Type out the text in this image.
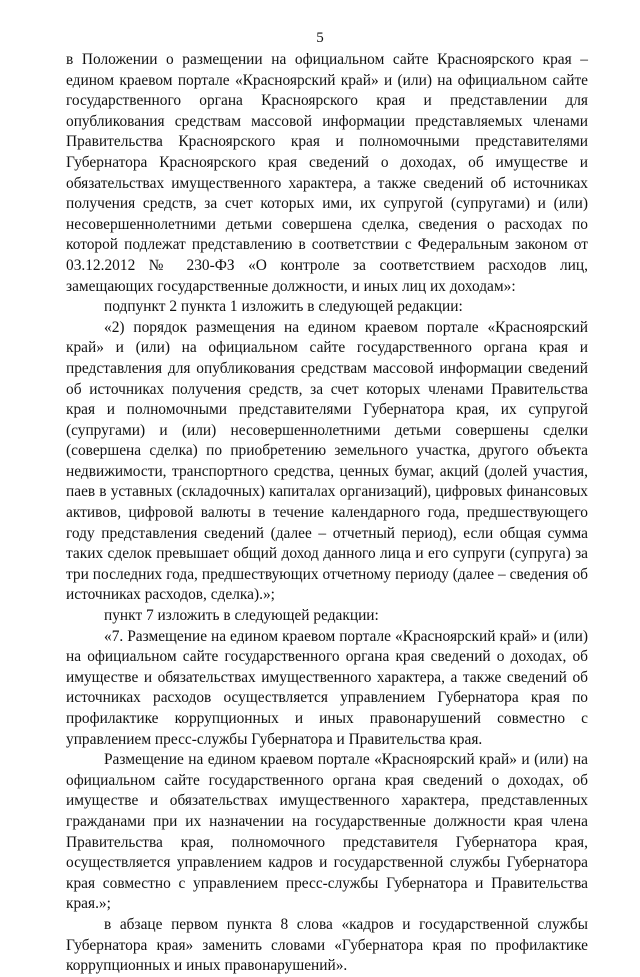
5

в Положении о размещении на официальном сайте Красноярского края – едином краевом портале «Красноярский край» и (или) на официальном сайте государственного органа Красноярского края и представлении для опубликования средствам массовой информации представляемых членами Правительства Красноярского края и полномочными представителями Губернатора Красноярского края сведений о доходах, об имуществе и обязательствах имущественного характера, а также сведений об источниках получения средств, за счет которых ими, их супругой (супругами) и (или) несовершеннолетними детьми совершена сделка, сведения о расходах по которой подлежат представлению в соответствии с Федеральным законом от 03.12.2012 № 230-ФЗ «О контроле за соответствием расходов лиц, замещающих государственные должности, и иных лиц их доходам»:

подпункт 2 пункта 1 изложить в следующей редакции:

«2) порядок размещения на едином краевом портале «Красноярский край» и (или) на официальном сайте государственного органа края и представления для опубликования средствам массовой информации сведений об источниках получения средств, за счет которых членами Правительства края и полномочными представителями Губернатора края, их супругой (супругами) и (или) несовершеннолетними детьми совершены сделки (совершена сделка) по приобретению земельного участка, другого объекта недвижимости, транспортного средства, ценных бумаг, акций (долей участия, паев в уставных (складочных) капиталах организаций), цифровых финансовых активов, цифровой валюты в течение календарного года, предшествующего году представления сведений (далее – отчетный период), если общая сумма таких сделок превышает общий доход данного лица и его супруги (супруга) за три последних года, предшествующих отчетному периоду (далее – сведения об источниках расходов, сделка).»;

пункт 7 изложить в следующей редакции:

«7. Размещение на едином краевом портале «Красноярский край» и (или) на официальном сайте государственного органа края сведений о доходах, об имуществе и обязательствах имущественного характера, а также сведений об источниках расходов осуществляется управлением Губернатора края по профилактике коррупционных и иных правонарушений совместно с управлением пресс-службы Губернатора и Правительства края.

Размещение на едином краевом портале «Красноярский край» и (или) на официальном сайте государственного органа края сведений о доходах, об имуществе и обязательствах имущественного характера, представленных гражданами при их назначении на государственные должности края члена Правительства края, полномочного представителя Губернатора края, осуществляется управлением кадров и государственной службы Губернатора края совместно с управлением пресс-службы Губернатора и Правительства края.»;

в абзаце первом пункта 8 слова «кадров и государственной службы Губернатора края» заменить словами «Губернатора края по профилактике коррупционных и иных правонарушений».
